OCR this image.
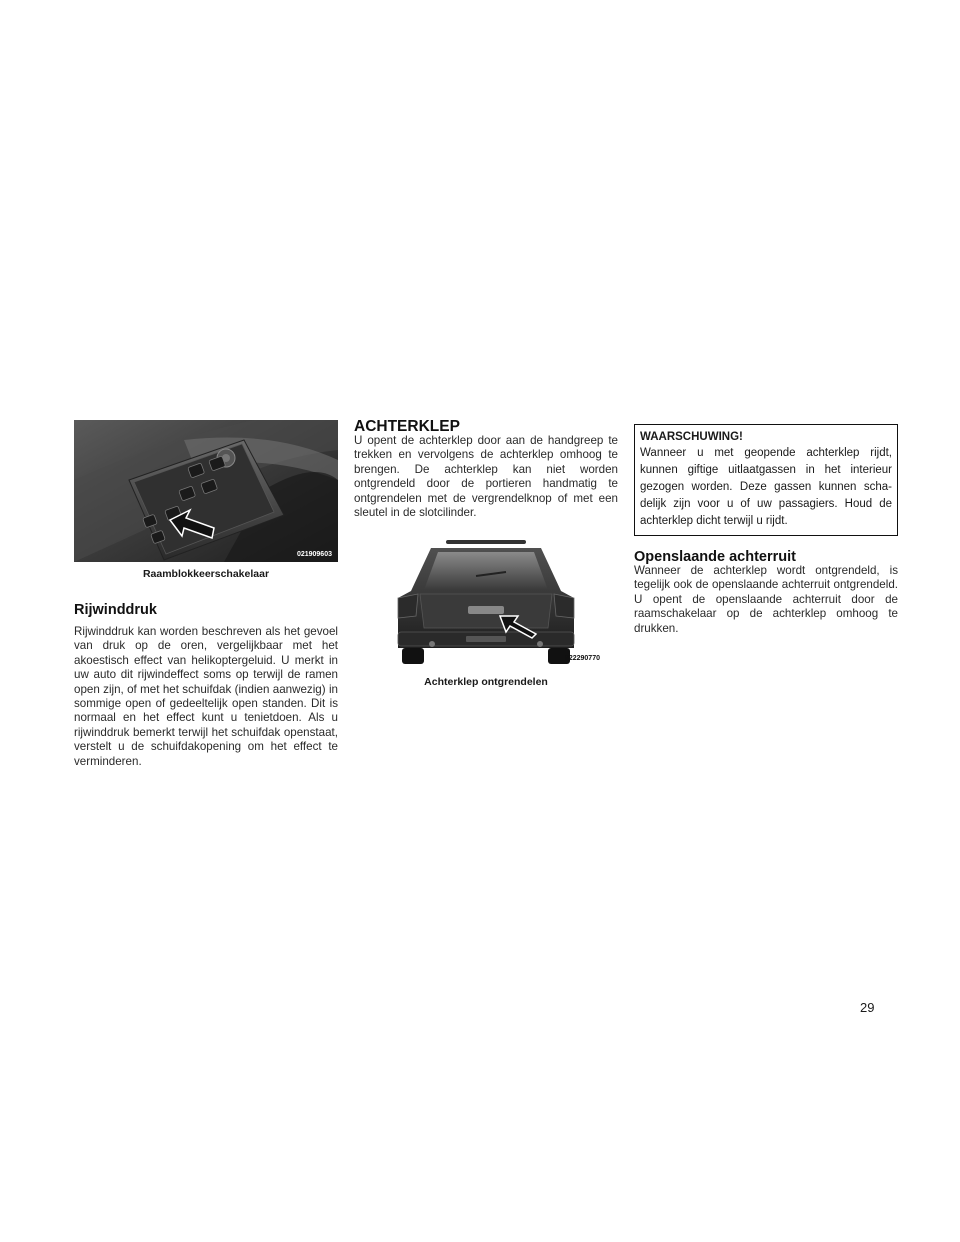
021909603
Raamblokkeerschakelaar
Rijwinddruk

Rijwinddruk kan worden beschreven als het gevoel van druk op de oren, vergelijkbaar met het akoestisch effect van helikoptergeluid. U merkt in uw auto dit rijwindeffect soms op terwijl de ramen open zijn, of met het schuifdak (indien aanwezig) in sommige open of gedeeltelijk open standen. Dit is normaal en het effect kunt u tenietdoen. Als u rijwinddruk bemerkt terwijl het schuifdak openstaat, verstelt u de schuifdakopening om het effect te verminderen.

ACHTERKLEP

U opent de achterklep door aan de handgreep te trekken en vervolgens de achterklep omhoog te brengen. De achterklep kan niet worden ontgrendeld door de portieren handmatig te ontgrendelen met de vergrendelknop of met een sleutel in de slotcilinder.

022290770
Achterklep ontgrendelen
WAARSCHUWING!

Wanneer u met geopende achterklep rijdt, kunnen giftige uitlaatgassen in het interieur gezogen worden. Deze gassen kunnen schadelijk zijn voor u of uw passagiers. Houd de achterklep dicht terwijl u rijdt.

Openslaande achterruit

Wanneer de achterklep wordt ontgrendeld, is tegelijk ook de openslaande achterruit ontgrendeld. U opent de openslaande achterruit door de raamschakelaar op de achterklep omhoog te drukken.

29
